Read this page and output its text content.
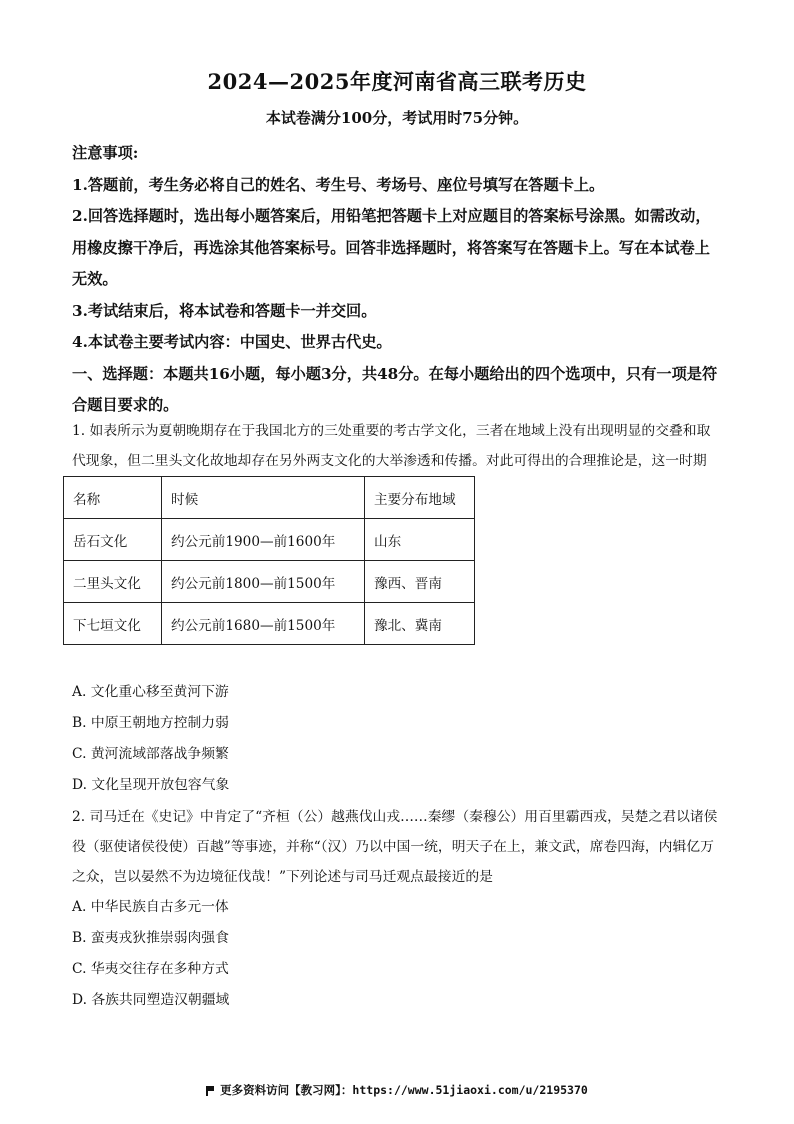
2024—2025年度河南省高三联考历史
本试卷满分100分，考试用时75分钟。

注意事项:

1.答题前，考生务必将自己的姓名、考生号、考场号、座位号填写在答题卡上。

2.回答选择题时，选出每小题答案后，用铅笔把答题卡上对应题目的答案标号涂黑。如需改动，用橡皮擦干净后，再选涂其他答案标号。回答非选择题时，将答案写在答题卡上。写在本试卷上无效。

3.考试结束后，将本试卷和答题卡一并交回。

4.本试卷主要考试内容：中国史、世界古代史。

一、选择题：本题共16小题，每小题3分，共48分。在每小题给出的四个选项中，只有一项是符合题目要求的。

1. 如表所示为夏朝晚期存在于我国北方的三处重要的考古学文化，三者在地域上没有出现明显的交叠和取代现象，但二里头文化故地却存在另外两支文化的大举渗透和传播。对此可得出的合理推论是，这一时期

名称	时候	主要分布地域
岳石文化	约公元前1900—前1600年	山东
二里头文化	约公元前1800—前1500年	豫西、晋南
下七垣文化	约公元前1680—前1500年	豫北、冀南

A. 文化重心移至黄河下游

B. 中原王朝地方控制力弱

C. 黄河流域部落战争频繁

D. 文化呈现开放包容气象

2. 司马迁在《史记》中肯定了“齐桓（公）越燕伐山戎……秦缪（秦穆公）用百里霸西戎，吴楚之君以诸侯役（驱使诸侯役使）百越”等事迹，并称“（汉）乃以中国一统，明天子在上，兼文武，席卷四海，内辑亿万之众，岂以晏然不为边境征伐哉！”下列论述与司马迁观点最接近的是

A. 中华民族自古多元一体

B. 蛮夷戎狄推崇弱肉强食

C. 华夷交往存在多种方式

D. 各族共同塑造汉朝疆域

更多资料访问【教习网】：https://www.51jiaoxi.com/u/2195370
